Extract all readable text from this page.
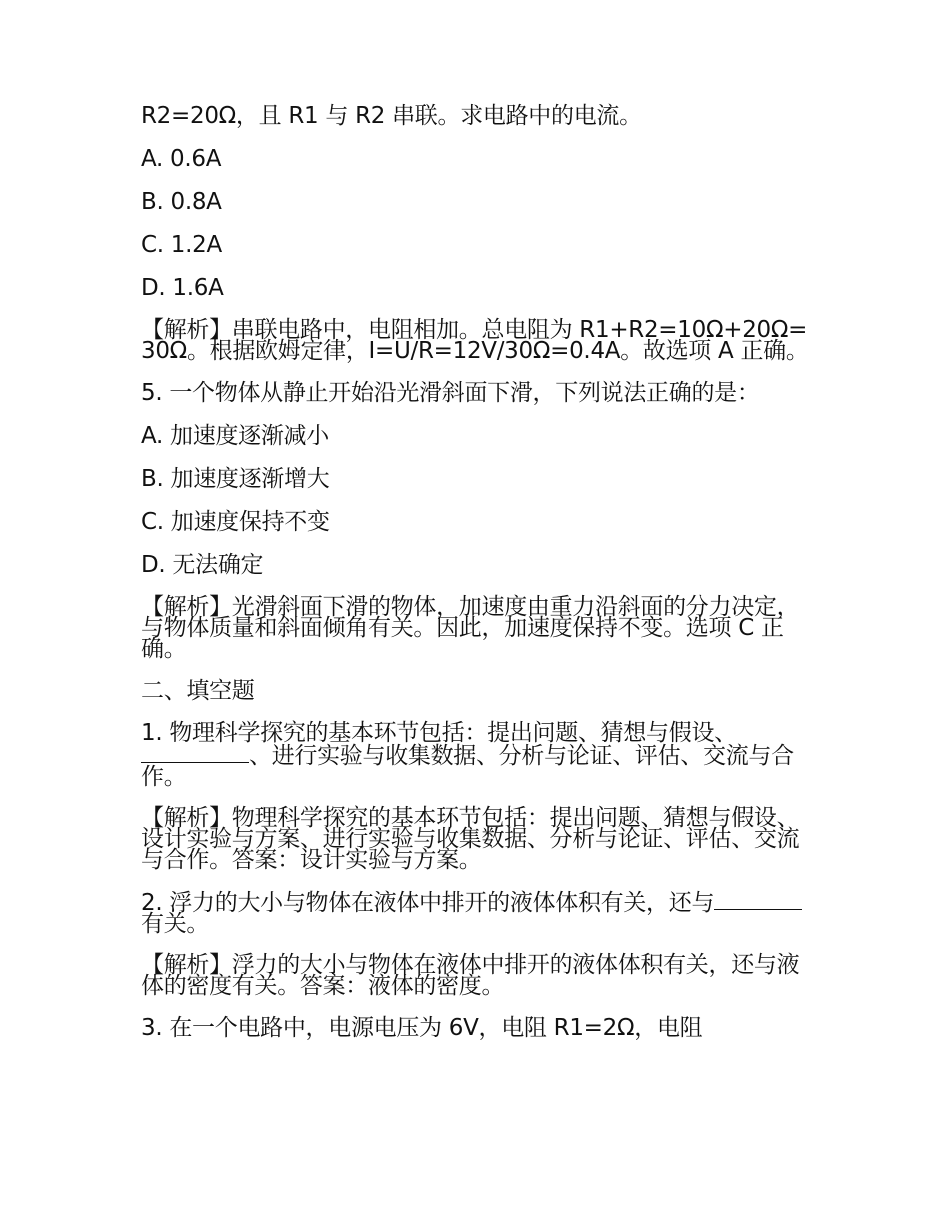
R2=20Ω，且 R1 与 R2 串联。求电路中的电流。

A. 0.6A

B. 0.8A

C. 1.2A

D. 1.6A

【解析】串联电路中，电阻相加。总电阻为 R1+R2=10Ω+20Ω=30Ω。根据欧姆定律，I=U/R=12V/30Ω=0.4A。故选项 A 正确。

5. 一个物体从静止开始沿光滑斜面下滑，下列说法正确的是：

A. 加速度逐渐减小

B. 加速度逐渐增大

C. 加速度保持不变

D. 无法确定

【解析】光滑斜面下滑的物体，加速度由重力沿斜面的分力决定，与物体质量和斜面倾角有关。因此，加速度保持不变。选项 C 正确。

二、填空题

1. 物理科学探究的基本环节包括：提出问题、猜想与假设、、进行实验与收集数据、分析与论证、评估、交流与合作。

【解析】物理科学探究的基本环节包括：提出问题、猜想与假设、设计实验与方案、进行实验与收集数据、分析与论证、评估、交流与合作。答案：设计实验与方案。

2. 浮力的大小与物体在液体中排开的液体体积有关，还与有关。

【解析】浮力的大小与物体在液体中排开的液体体积有关，还与液体的密度有关。答案：液体的密度。

3. 在一个电路中，电源电压为 6V，电阻 R1=2Ω，电阻
